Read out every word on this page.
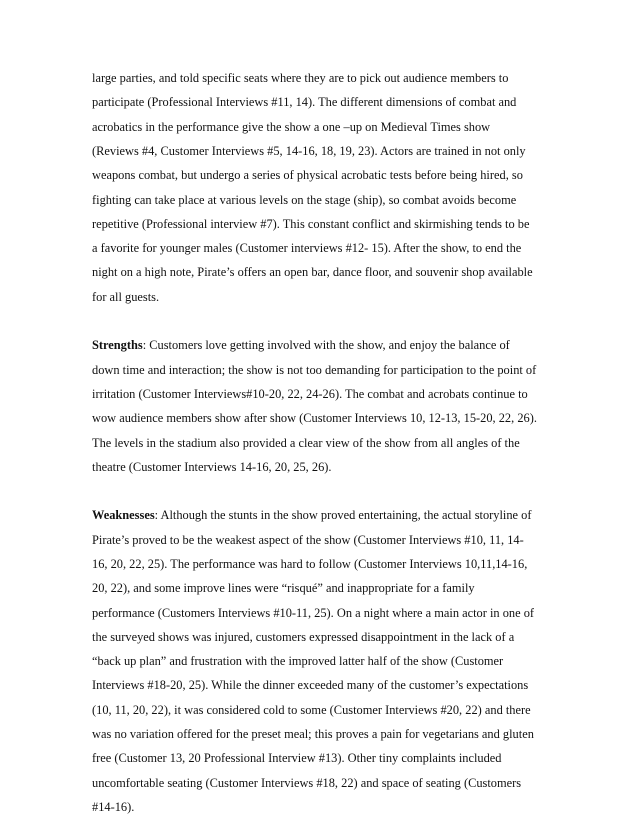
large parties, and told specific seats where they are to pick out audience members to
participate (Professional Interviews #11, 14). The different dimensions of combat and
acrobatics in the performance give the show a one –up on Medieval Times show
(Reviews #4, Customer Interviews #5, 14-16, 18, 19, 23). Actors are trained in not only
weapons combat, but undergo a series of physical acrobatic tests before being hired, so
fighting can take place at various levels on the stage (ship), so combat avoids become
repetitive (Professional interview #7). This constant conflict and skirmishing tends to be
a favorite for younger males (Customer interviews #12- 15). After the show, to end the
night on a high note, Pirate’s offers an open bar, dance floor, and souvenir shop available
for all guests.
Strengths: Customers love getting involved with the show, and enjoy the balance of
down time and interaction; the show is not too demanding for participation to the point of
irritation (Customer Interviews#10-20, 22, 24-26). The combat and acrobats continue to
wow audience members show after show (Customer Interviews 10, 12-13, 15-20, 22, 26).
The levels in the stadium also provided a clear view of the show from all angles of the
theatre (Customer Interviews 14-16, 20, 25, 26).
Weaknesses: Although the stunts in the show proved entertaining, the actual storyline of
Pirate’s proved to be the weakest aspect of the show (Customer Interviews #10, 11, 14-
16, 20, 22, 25). The performance was hard to follow (Customer Interviews 10,11,14-16,
20, 22), and some improve lines were “risqué” and inappropriate for a family
performance (Customers Interviews #10-11, 25). On a night where a main actor in one of
the surveyed shows was injured, customers expressed disappointment in the lack of a
“back up plan” and frustration with the improved latter half of the show (Customer
Interviews #18-20, 25). While the dinner exceeded many of the customer’s expectations
(10, 11, 20, 22), it was considered cold to some (Customer Interviews #20, 22) and there
was no variation offered for the preset meal; this proves a pain for vegetarians and gluten
free (Customer 13, 20 Professional Interview #13). Other tiny complaints included
uncomfortable seating (Customer Interviews #18, 22) and space of seating (Customers
#14-16).
